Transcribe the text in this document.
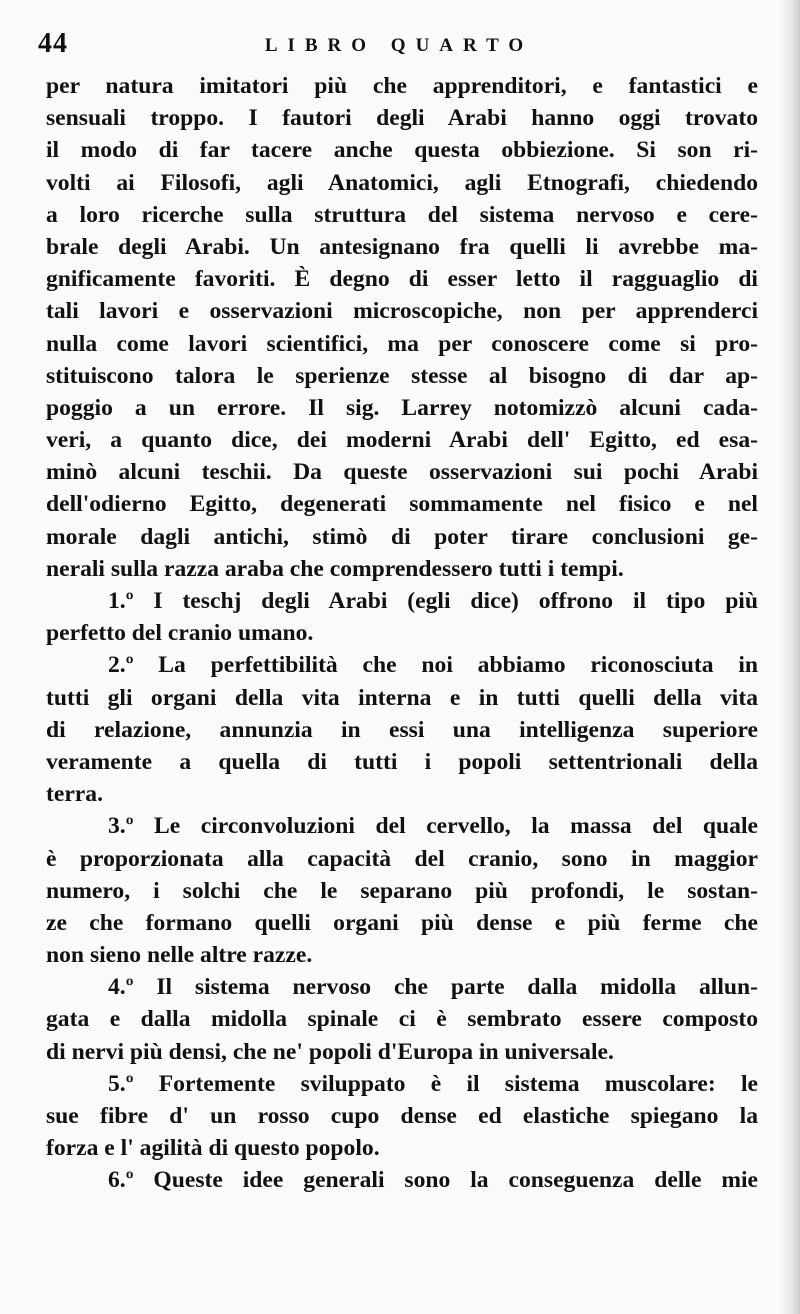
44	LIBRO QUARTO
per natura imitatori più che apprenditori, e fantastici e
sensuali troppo. I fautori degli Arabi hanno oggi trovato
il modo di far tacere anche questa obbiezione. Si son ri-
volti ai Filosofi, agli Anatomici, agli Etnografi, chiedendo
a loro ricerche sulla struttura del sistema nervoso e cere-
brale degli Arabi. Un antesignano fra quelli li avrebbe ma-
gnificamente favoriti. È degno di esser letto il ragguaglio di
tali lavori e osservazioni microscopiche, non per apprenderci
nulla come lavori scientifici, ma per conoscere come si pro-
stituiscono talora le sperienze stesse al bisogno di dar ap-
poggio a un errore. Il sig. Larrey notomizzò alcuni cada-
veri, a quanto dice, dei moderni Arabi dell' Egitto, ed esa-
minò alcuni teschii. Da queste osservazioni sui pochi Arabi
dell'odierno Egitto, degenerati sommamente nel fisico e nel
morale dagli antichi, stimò di poter tirare conclusioni ge-
nerali sulla razza araba che comprendessero tutti i tempi.
1.º I teschj degli Arabi (egli dice) offrono il tipo più
perfetto del cranio umano.
2.º La perfettibilità che noi abbiamo riconosciuta in
tutti gli organi della vita interna e in tutti quelli della vita
di relazione, annunzia in essi una intelligenza superiore
veramente a quella di tutti i popoli settentrionali della
terra.
3.º Le circonvoluzioni del cervello, la massa del quale
è proporzionata alla capacità del cranio, sono in maggior
numero, i solchi che le separano più profondi, le sostan-
ze che formano quelli organi più dense e più ferme che
non sieno nelle altre razze.
4.º Il sistema nervoso che parte dalla midolla allun-
gata e dalla midolla spinale ci è sembrato essere composto
di nervi più densi, che ne' popoli d'Europa in universale.
5.º Fortemente sviluppato è il sistema muscolare: le
sue fibre d' un rosso cupo dense ed elastiche spiegano la
forza e l' agilità di questo popolo.
6.º Queste idee generali sono la conseguenza delle mie
